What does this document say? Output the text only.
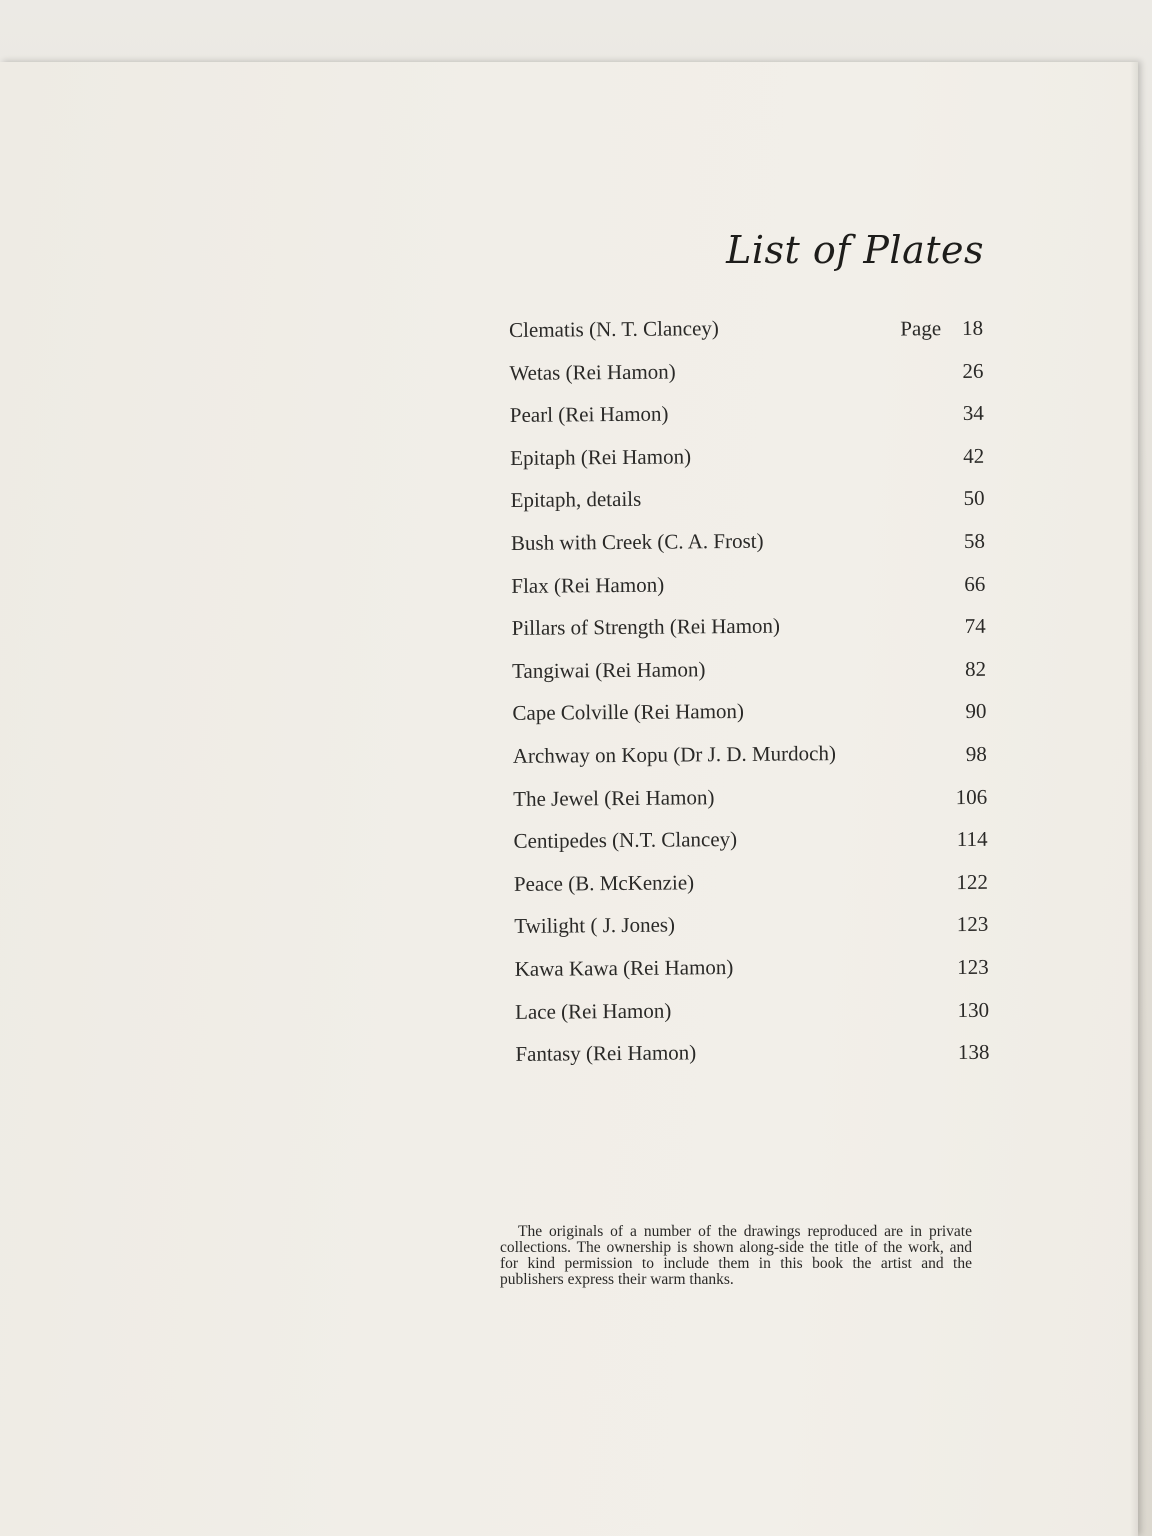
List of Plates
Clematis (N. T. Clancey)	Page 18
Wetas (Rei Hamon)	26
Pearl (Rei Hamon)	34
Epitaph (Rei Hamon)	42
Epitaph, details	50
Bush with Creek (C. A. Frost)	58
Flax (Rei Hamon)	66
Pillars of Strength (Rei Hamon)	74
Tangiwai (Rei Hamon)	82
Cape Colville (Rei Hamon)	90
Archway on Kopu (Dr J. D. Murdoch)	98
The Jewel (Rei Hamon)	106
Centipedes (N.T. Clancey)	114
Peace (B. McKenzie)	122
Twilight ( J. Jones)	123
Kawa Kawa (Rei Hamon)	123
Lace (Rei Hamon)	130
Fantasy (Rei Hamon)	138

The originals of a number of the drawings reproduced are in private collections. The ownership is shown along-side the title of the work, and for kind permission to include them in this book the artist and the publishers express their warm thanks.
